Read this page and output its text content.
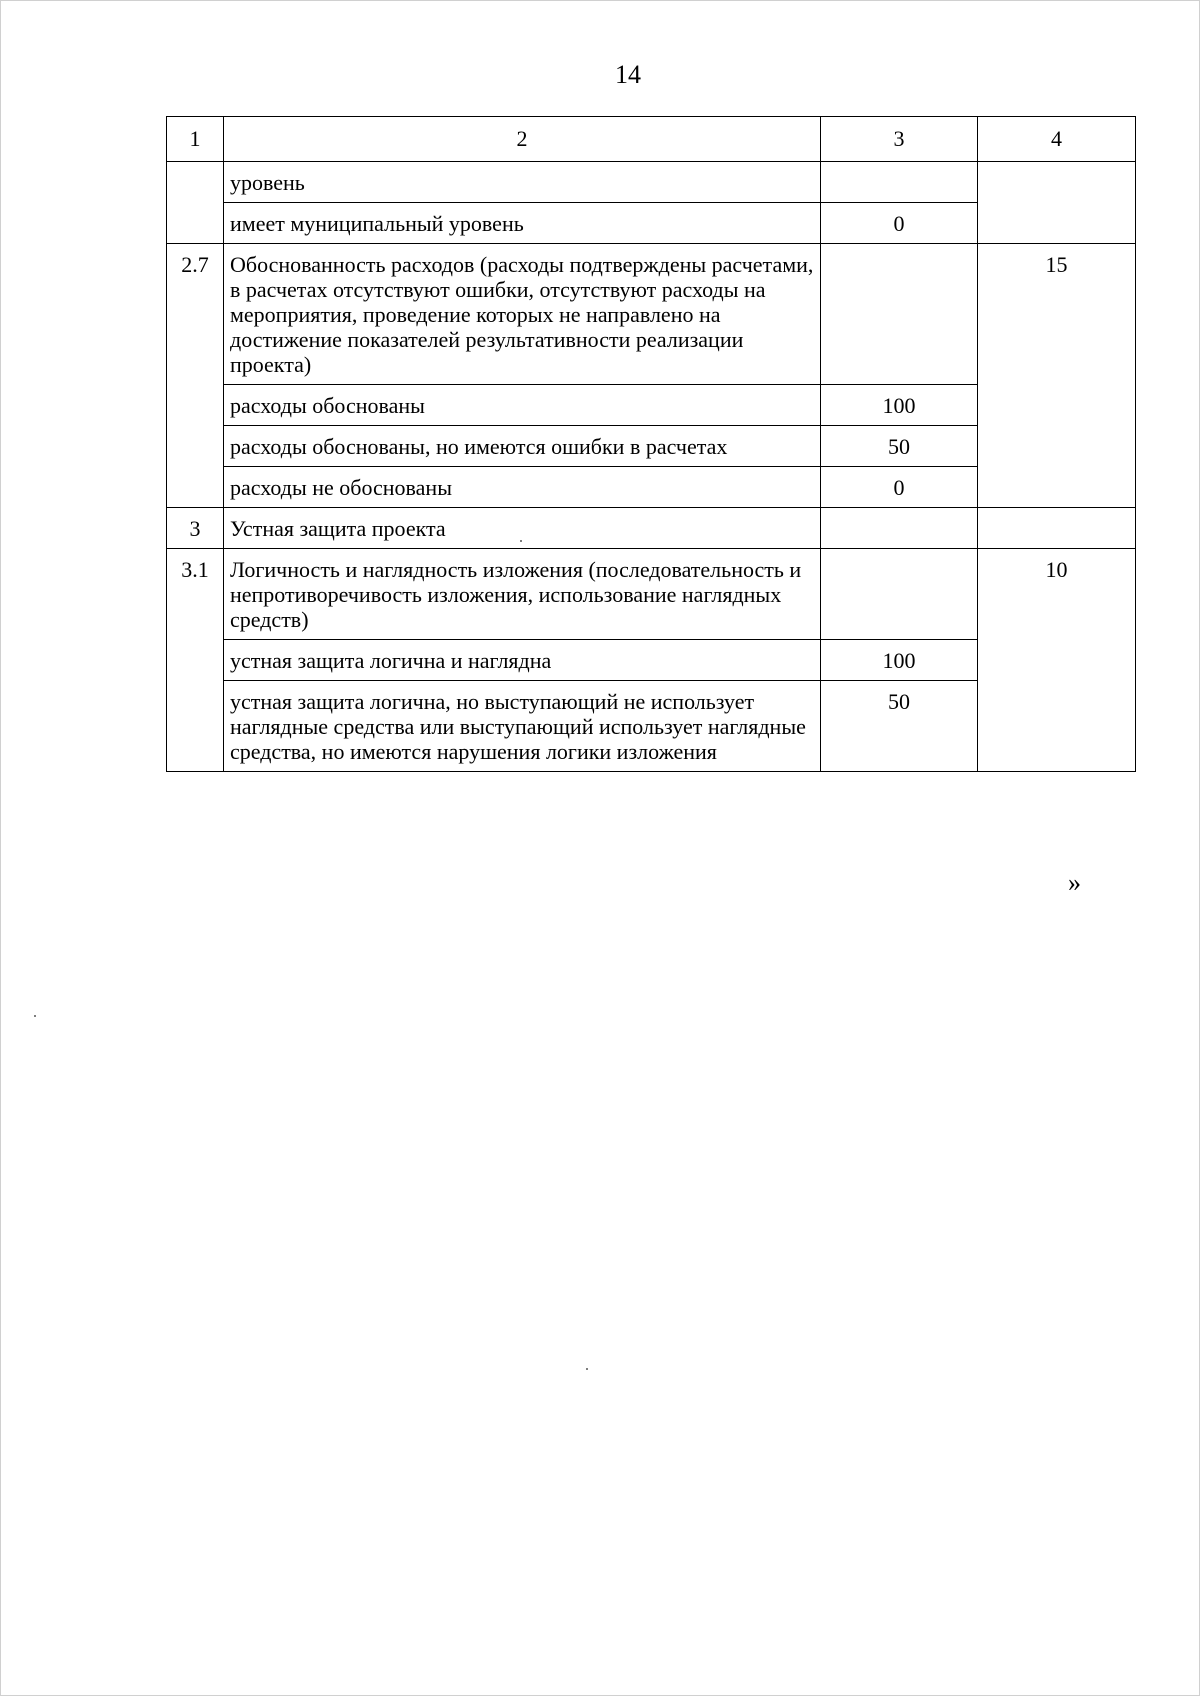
14
1	2	3	4
	уровень		
	имеет муниципальный уровень	0	
2.7	Обоснованность расходов (расходы подтверждены расчетами, в расчетах отсутствуют ошибки, отсутствуют расходы на мероприятия, проведение которых не направлено на достижение показателей результативности реализации проекта)		15
	расходы обоснованы	100	
	расходы обоснованы, но имеются ошибки в расчетах	50	
	расходы не обоснованы	0	
3	Устная защита проекта		
3.1	Логичность и наглядность изложения (последовательность и непротиворечивость изложения, использование наглядных средств)		10
	устная защита логична и наглядна	100	
	устная защита логична, но выступающий не использует наглядные средства или выступающий использует наглядные средства, но имеются нарушения логики изложения	50	
»
